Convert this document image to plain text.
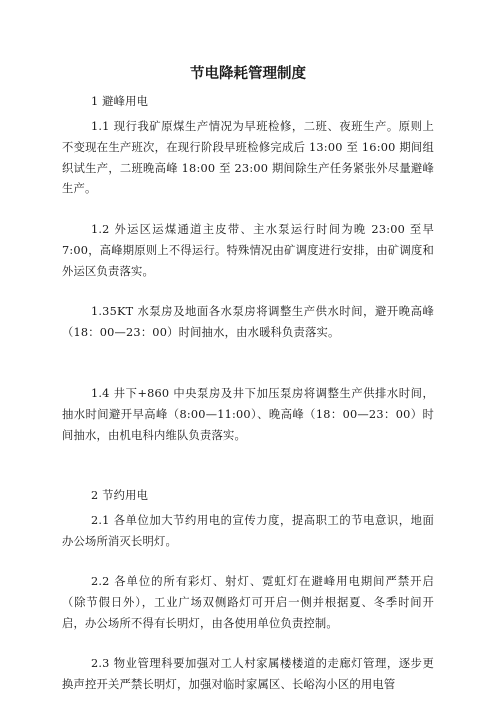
节电降耗管理制度
1 避峰用电
1.1 现行我矿原煤生产情况为早班检修，二班、夜班生产。原则上不变现在生产班次，在现行阶段早班检修完成后 13:00 至 16:00 期间组织试生产，二班晚高峰 18:00 至 23:00 期间除生产任务紧张外尽量避峰生产。
1.2 外运区运煤通道主皮带、主水泵运行时间为晚 23:00 至早 7:00，高峰期原则上不得运行。特殊情况由矿调度进行安排，由矿调度和外运区负责落实。
1.35KT 水泵房及地面各水泵房将调整生产供水时间，避开晚高峰（18：00—23：00）时间抽水，由水暖科负责落实。
1.4 井下+860 中央泵房及井下加压泵房将调整生产供排水时间，抽水时间避开早高峰（8:00—11:00）、晚高峰（18：00—23：00）时间抽水，由机电科内维队负责落实。
2 节约用电
2.1 各单位加大节约用电的宣传力度，提高职工的节电意识，地面办公场所消灭长明灯。
2.2 各单位的所有彩灯、射灯、霓虹灯在避峰用电期间严禁开启（除节假日外），工业广场双侧路灯可开启一侧并根据夏、冬季时间开启，办公场所不得有长明灯，由各使用单位负责控制。
2.3 物业管理科要加强对工人村家属楼楼道的走廊灯管理，逐步更换声控开关严禁长明灯，加强对临时家属区、长峪沟小区的用电管
